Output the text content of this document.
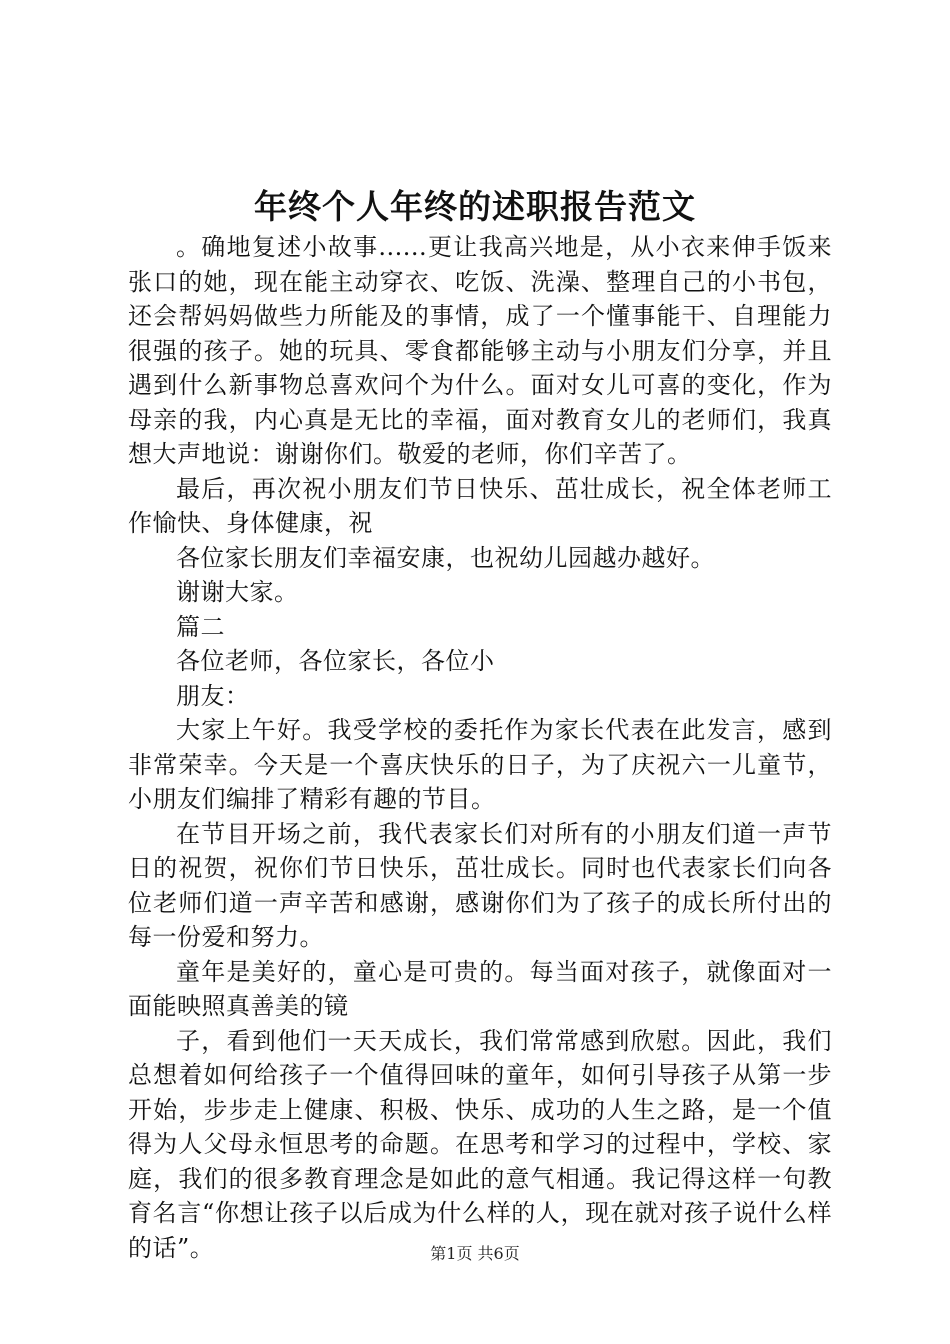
年终个人年终的述职报告范文

。确地复述小故事......更让我高兴地是，从小衣来伸手饭来张口的她，现在能主动穿衣、吃饭、洗澡、整理自己的小书包，还会帮妈妈做些力所能及的事情，成了一个懂事能干、自理能力很强的孩子。她的玩具、零食都能够主动与小朋友们分享，并且遇到什么新事物总喜欢问个为什么。面对女儿可喜的变化，作为母亲的我，内心真是无比的幸福，面对教育女儿的老师们，我真想大声地说：谢谢你们。敬爱的老师，你们辛苦了。

最后，再次祝小朋友们节日快乐、茁壮成长，祝全体老师工作愉快、身体健康，祝

各位家长朋友们幸福安康，也祝幼儿园越办越好。

谢谢大家。

篇二

各位老师，各位家长，各位小

朋友：

大家上午好。我受学校的委托作为家长代表在此发言，感到非常荣幸。今天是一个喜庆快乐的日子，为了庆祝六一儿童节，小朋友们编排了精彩有趣的节目。

在节目开场之前，我代表家长们对所有的小朋友们道一声节日的祝贺，祝你们节日快乐，茁壮成长。同时也代表家长们向各位老师们道一声辛苦和感谢，感谢你们为了孩子的成长所付出的每一份爱和努力。

童年是美好的，童心是可贵的。每当面对孩子，就像面对一面能映照真善美的镜

子，看到他们一天天成长，我们常常感到欣慰。因此，我们总想着如何给孩子一个值得回味的童年，如何引导孩子从第一步开始，步步走上健康、积极、快乐、成功的人生之路，是一个值得为人父母永恒思考的命题。在思考和学习的过程中，学校、家庭，我们的很多教育理念是如此的意气相通。我记得这样一句教育名言“你想让孩子以后成为什么样的人，现在就对孩子说什么样的话”。	第1页 共6页
